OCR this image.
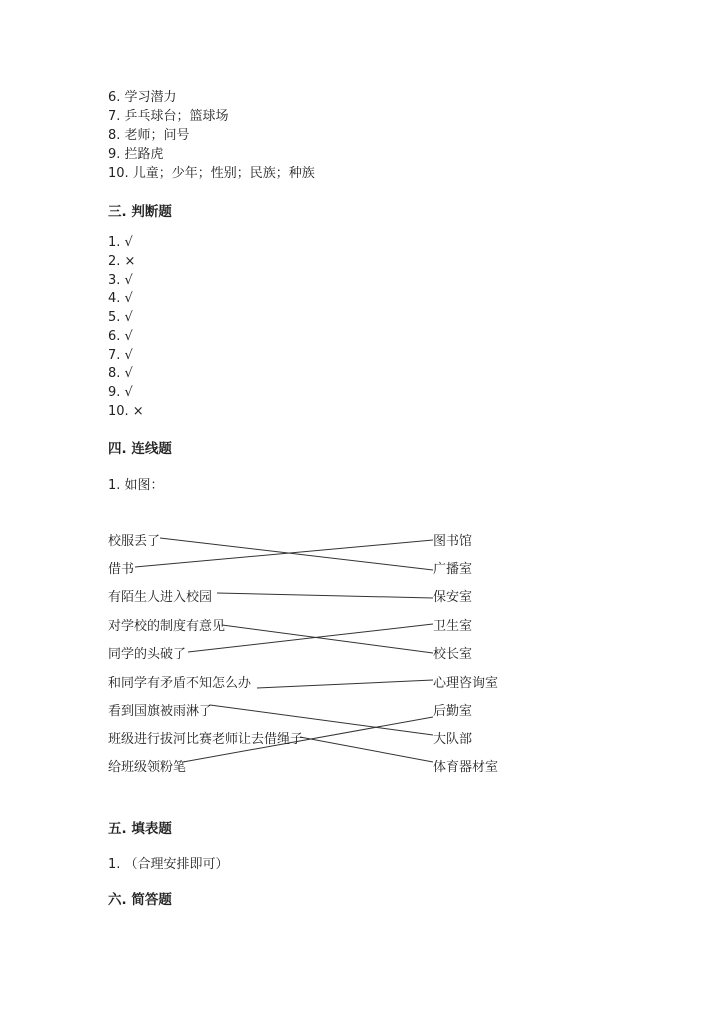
6. 学习潜力
7. 乒乓球台；篮球场
8. 老师；问号
9. 拦路虎
10. 儿童；少年；性别；民族；种族
三. 判断题
1. √
2. ×
3. √
4. √
5. √
6. √
7. √
8. √
9. √
10. ×
四. 连线题
1. 如图：
校服丢了
借书
有陌生人进入校园
对学校的制度有意见
同学的头破了
和同学有矛盾不知怎么办
看到国旗被雨淋了
班级进行拔河比赛老师让去借绳子
给班级领粉笔
图书馆
广播室
保安室
卫生室
校长室
心理咨询室
后勤室
大队部
体育器材室
五. 填表题
1. （合理安排即可）
六. 简答题
